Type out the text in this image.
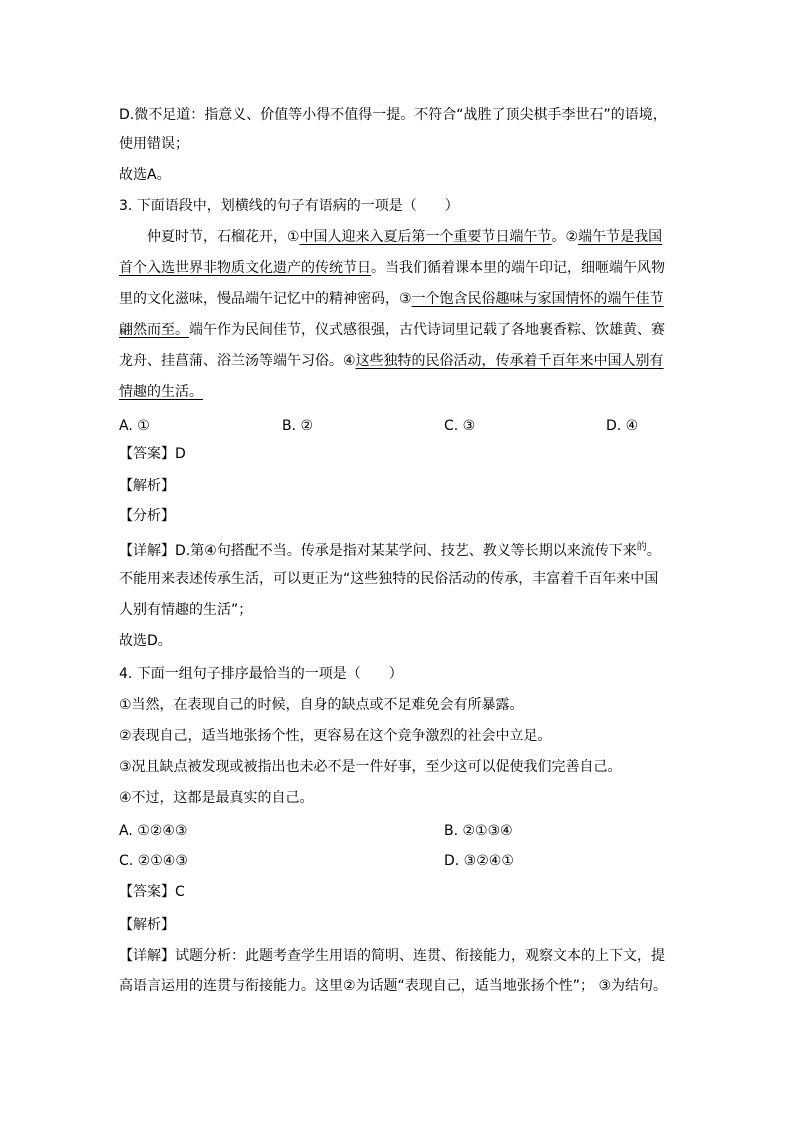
D.微不足道：指意义、价值等小得不值得一提。不符合“战胜了顶尖棋手李世石”的语境，
使用错误；
故选A。
3. 下面语段中，划横线的句子有语病的一项是（　　）
仲夏时节，石榴花开，①中国人迎来入夏后第一个重要节日端午节。②端午节是我国
首个入选世界非物质文化遗产的传统节日。当我们循着课本里的端午印记，细咂端午风物
里的文化滋味，慢品端午记忆中的精神密码，③一个饱含民俗趣味与家国情怀的端午佳节
翩然而至。端午作为民间佳节，仪式感很强，古代诗词里记载了各地裹香粽、饮雄黄、赛
龙舟、挂菖蒲、浴兰汤等端午习俗。④这些独特的民俗活动，传承着千百年来中国人别有
情趣的生活。
A. ①	B. ②	C. ③	D. ④
【答案】D
【解析】
【分析】
【详解】D.第④句搭配不当。传承是指对某某学问、技艺、教义等长期以来流传下来$^的$。
不能用来表述传承生活，可以更正为“这些独特的民俗活动的传承，丰富着千百年来中国
人别有情趣的生活”；
故选D。
4. 下面一组句子排序最恰当的一项是（　　）
①当然，在表现自己的时候，自身的缺点或不足难免会有所暴露。
②表现自己，适当地张扬个性，更容易在这个竞争激烈的社会中立足。
③况且缺点被发现或被指出也未必不是一件好事，至少这可以促使我们完善自己。
④不过，这都是最真实的自己。
A. ①②④③	B. ②①③④
C. ②①④③	D. ③②④①
【答案】C
【解析】
【详解】试题分析：此题考查学生用语的简明、连贯、衔接能力，观察文本的上下文，提
高语言运用的连贯与衔接能力。这里②为话题“表现自己，适当地张扬个性”； ③为结句。
